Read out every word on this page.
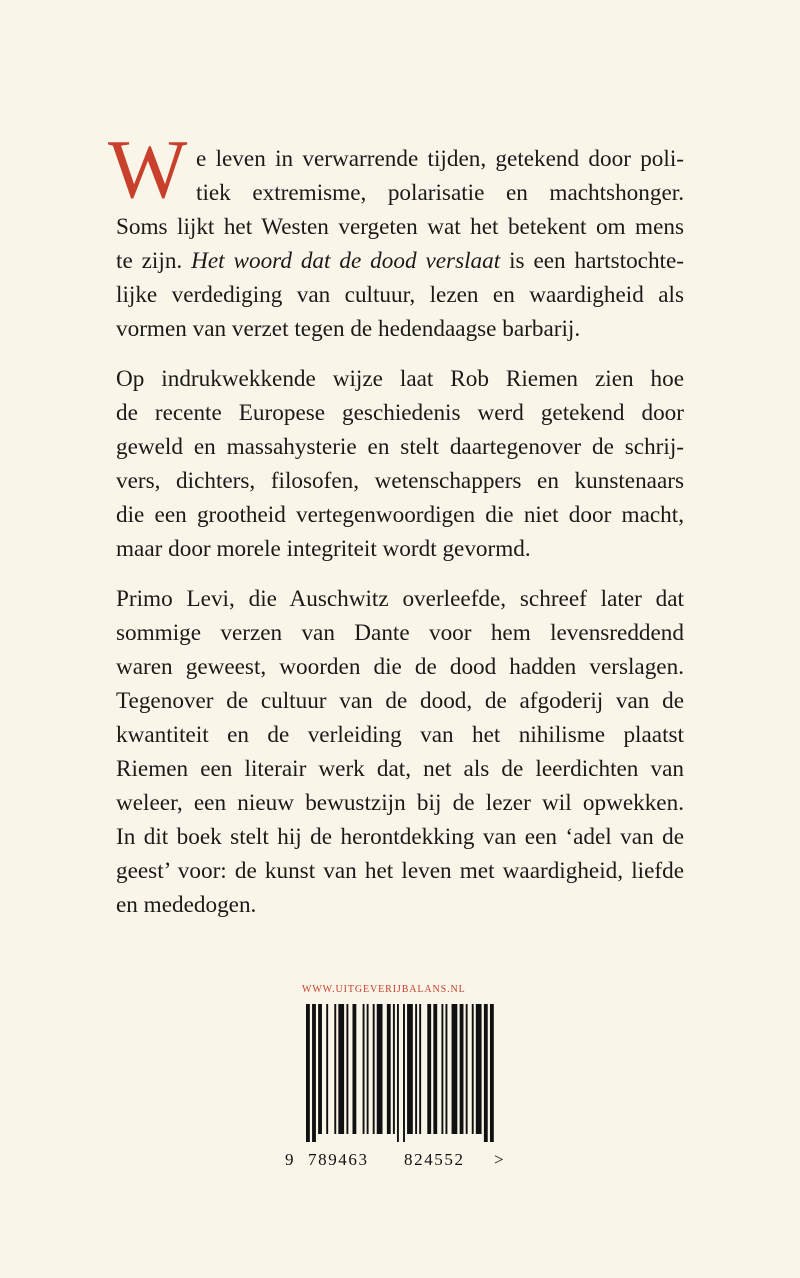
W e leven in verwarrende tijden, getekend door poli-
tiek extremisme, polarisatie en machtshonger.
Soms lijkt het Westen vergeten wat het betekent om mens
te zijn. Het woord dat de dood verslaat is een hartstochte-
lijke verdediging van cultuur, lezen en waardigheid als
vormen van verzet tegen de hedendaagse barbarij.

Op indrukwekkende wijze laat Rob Riemen zien hoe
de recente Europese geschiedenis werd getekend door
geweld en massahysterie en stelt daartegenover de schrij-
vers, dichters, filosofen, wetenschappers en kunstenaars
die een grootheid vertegenwoordigen die niet door macht,
maar door morele integriteit wordt gevormd.

Primo Levi, die Auschwitz overleefde, schreef later dat
sommige verzen van Dante voor hem levensreddend
waren geweest, woorden die de dood hadden verslagen.
Tegenover de cultuur van de dood, de afgoderij van de
kwantiteit en de verleiding van het nihilisme plaatst
Riemen een literair werk dat, net als de leerdichten van
weleer, een nieuw bewustzijn bij de lezer wil opwekken.
In dit boek stelt hij de herontdekking van een ‘adel van de
geest’ voor: de kunst van het leven met waardigheid, liefde
en mededogen.

WWW.UITGEVERIJBALANS.NL
9 789463 824552 >
